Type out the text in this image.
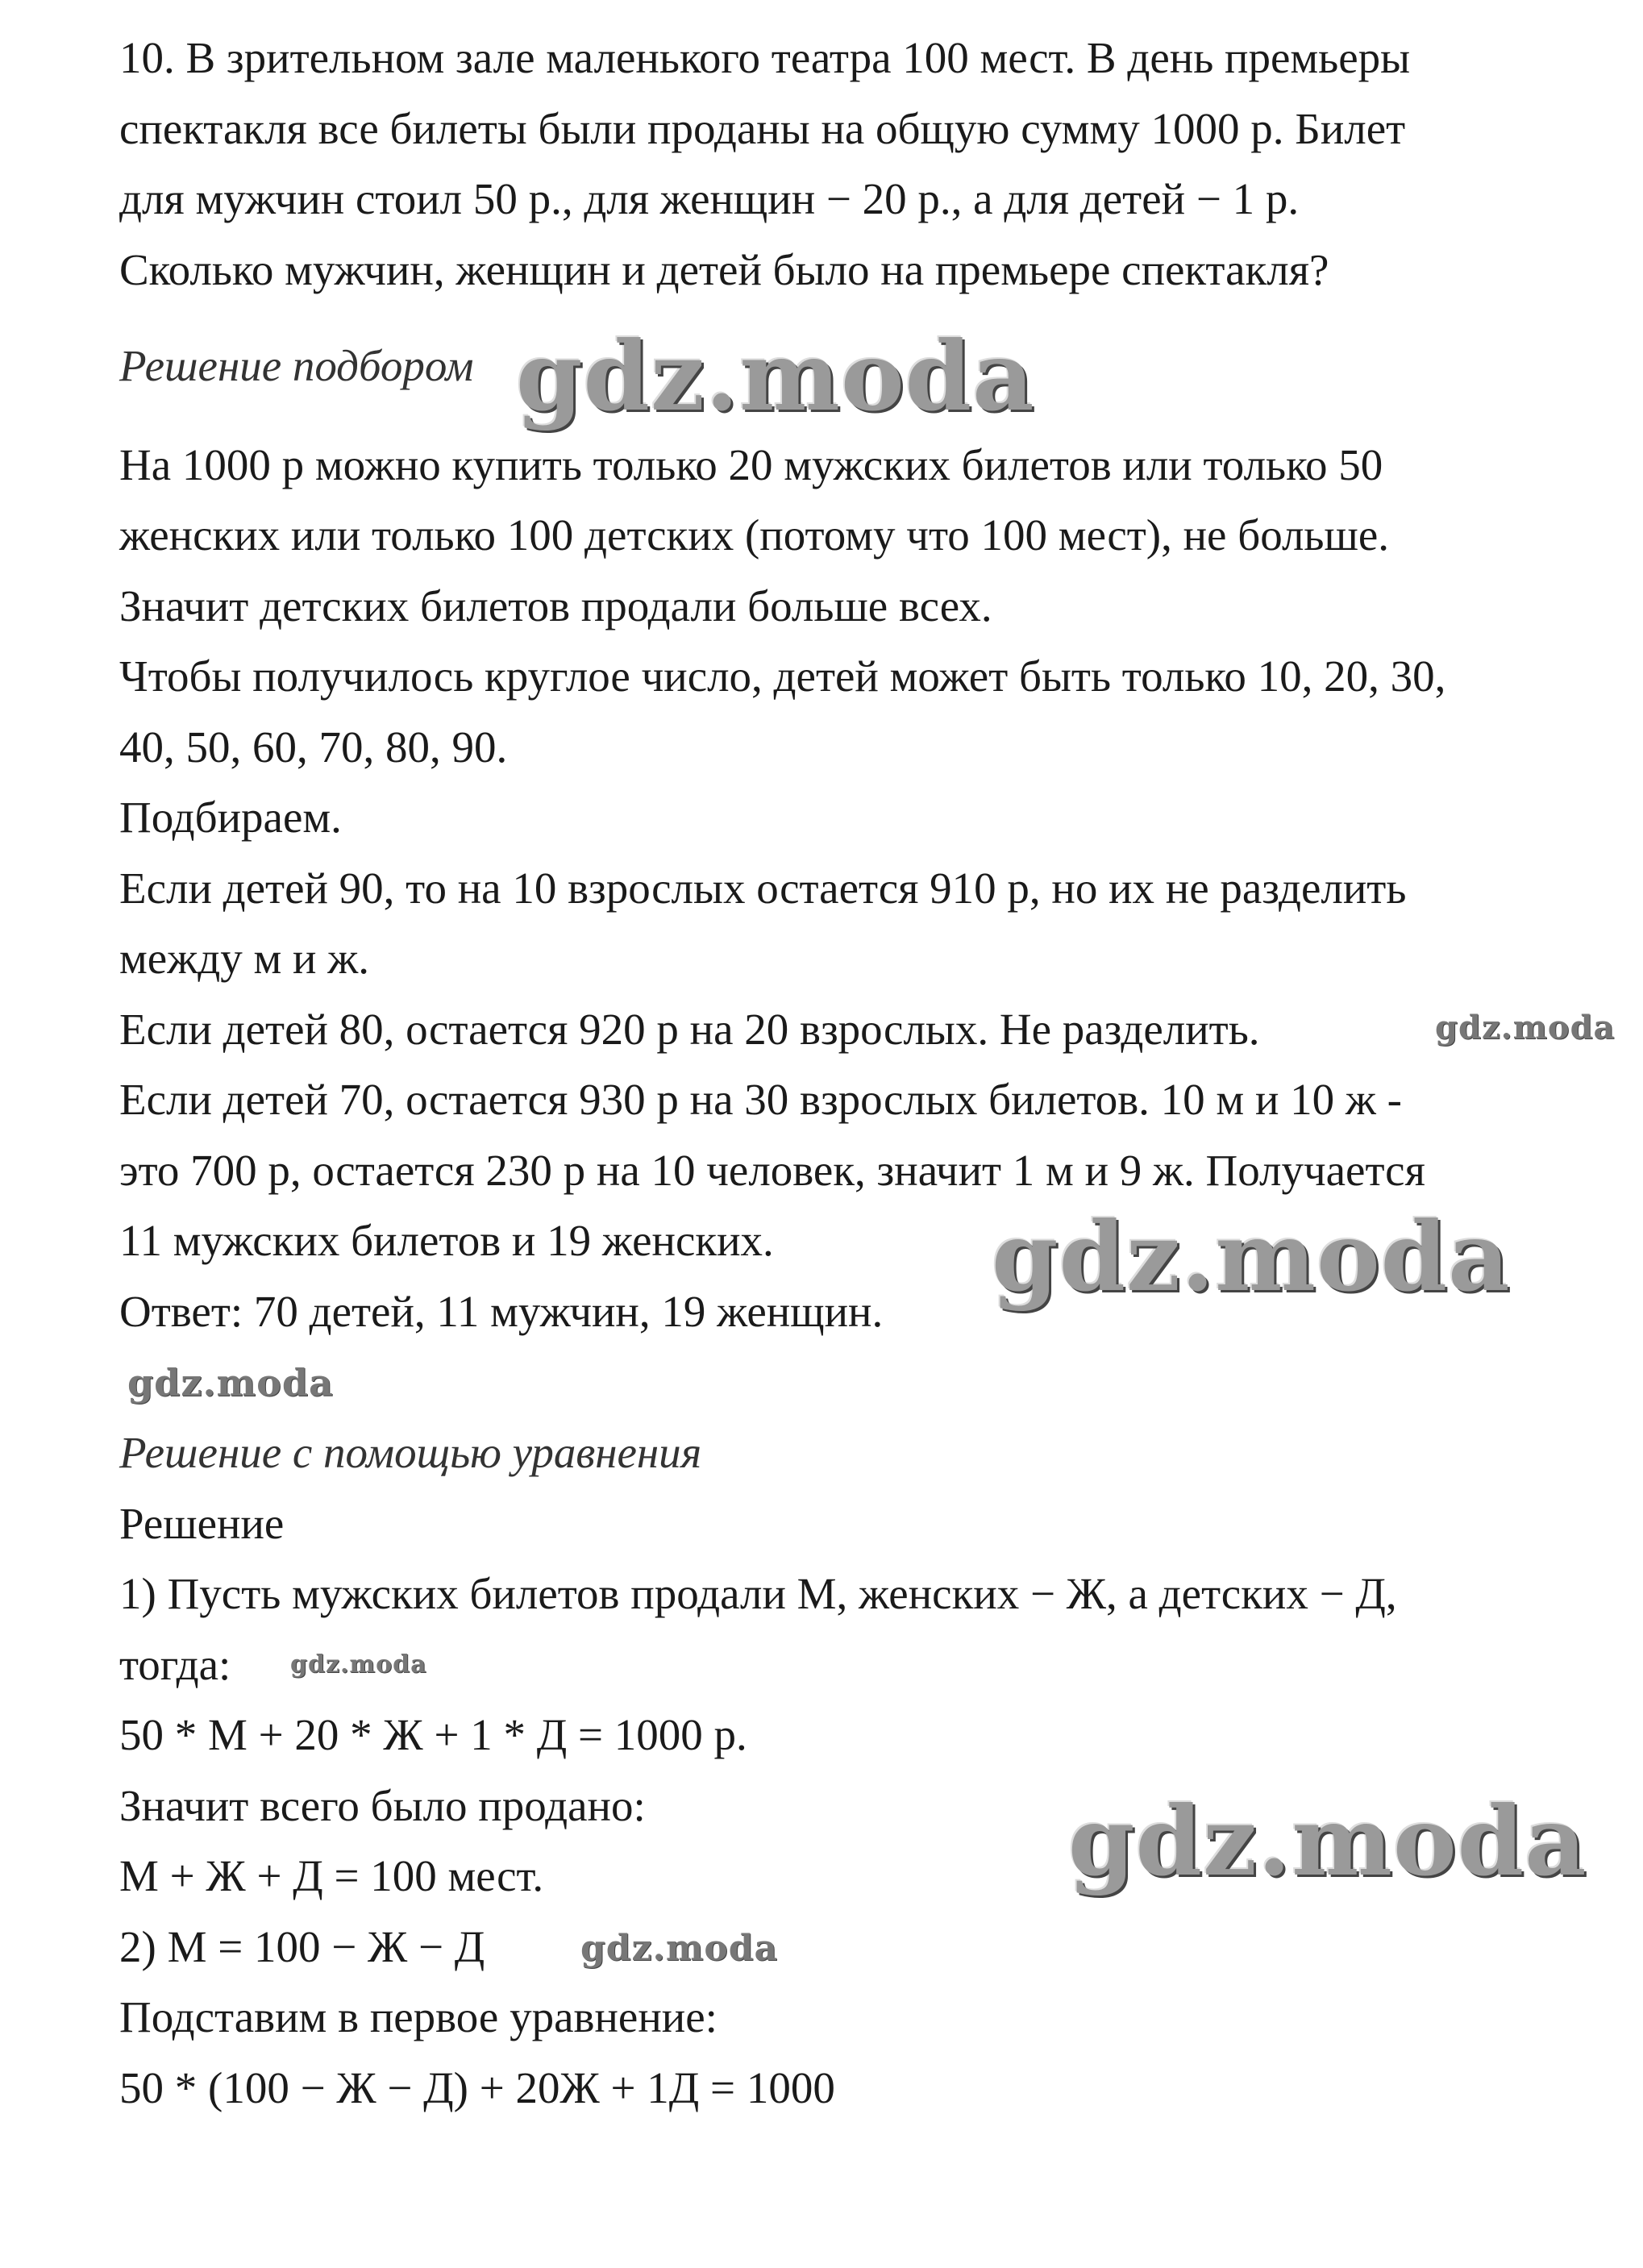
10. В зрительном зале маленького театра 100 мест. В день премьеры
спектакля все билеты были проданы на общую сумму 1000 р. Билет
для мужчин стоил 50 р., для женщин − 20 р., а для детей − 1 р.
Сколько мужчин, женщин и детей было на премьере спектакля?
Решение подбором
На 1000 р можно купить только 20 мужских билетов или только 50
женских или только 100 детских (потому что 100 мест), не больше.
Значит детских билетов продали больше всех.
Чтобы получилось круглое число, детей может быть только 10, 20, 30,
40, 50, 60, 70, 80, 90.
Подбираем.
Если детей 90, то на 10 взрослых остается 910 р, но их не разделить
между м и ж.
Если детей 80, остается 920 р на 20 взрослых. Не разделить.
Если детей 70, остается 930 р на 30 взрослых билетов. 10 м и 10 ж -
это 700 р, остается 230 р на 10 человек, значит 1 м и 9 ж. Получается
11 мужских билетов и 19 женских.
Ответ: 70 детей, 11 мужчин, 19 женщин.
Решение с помощью уравнения
Решение
1) Пусть мужских билетов продали М, женских − Ж, а детских − Д,
тогда:
50 * М + 20 * Ж + 1 * Д = 1000 р.
Значит всего было продано:
М + Ж + Д = 100 мест.
2) М = 100 − Ж − Д
Подставим в первое уравнение:
50 * (100 − Ж − Д) + 20Ж + 1Д = 1000
gdz.moda
gdz.moda
gdz.moda
gdz.moda
gdz.moda
gdz.moda
gdz.moda
